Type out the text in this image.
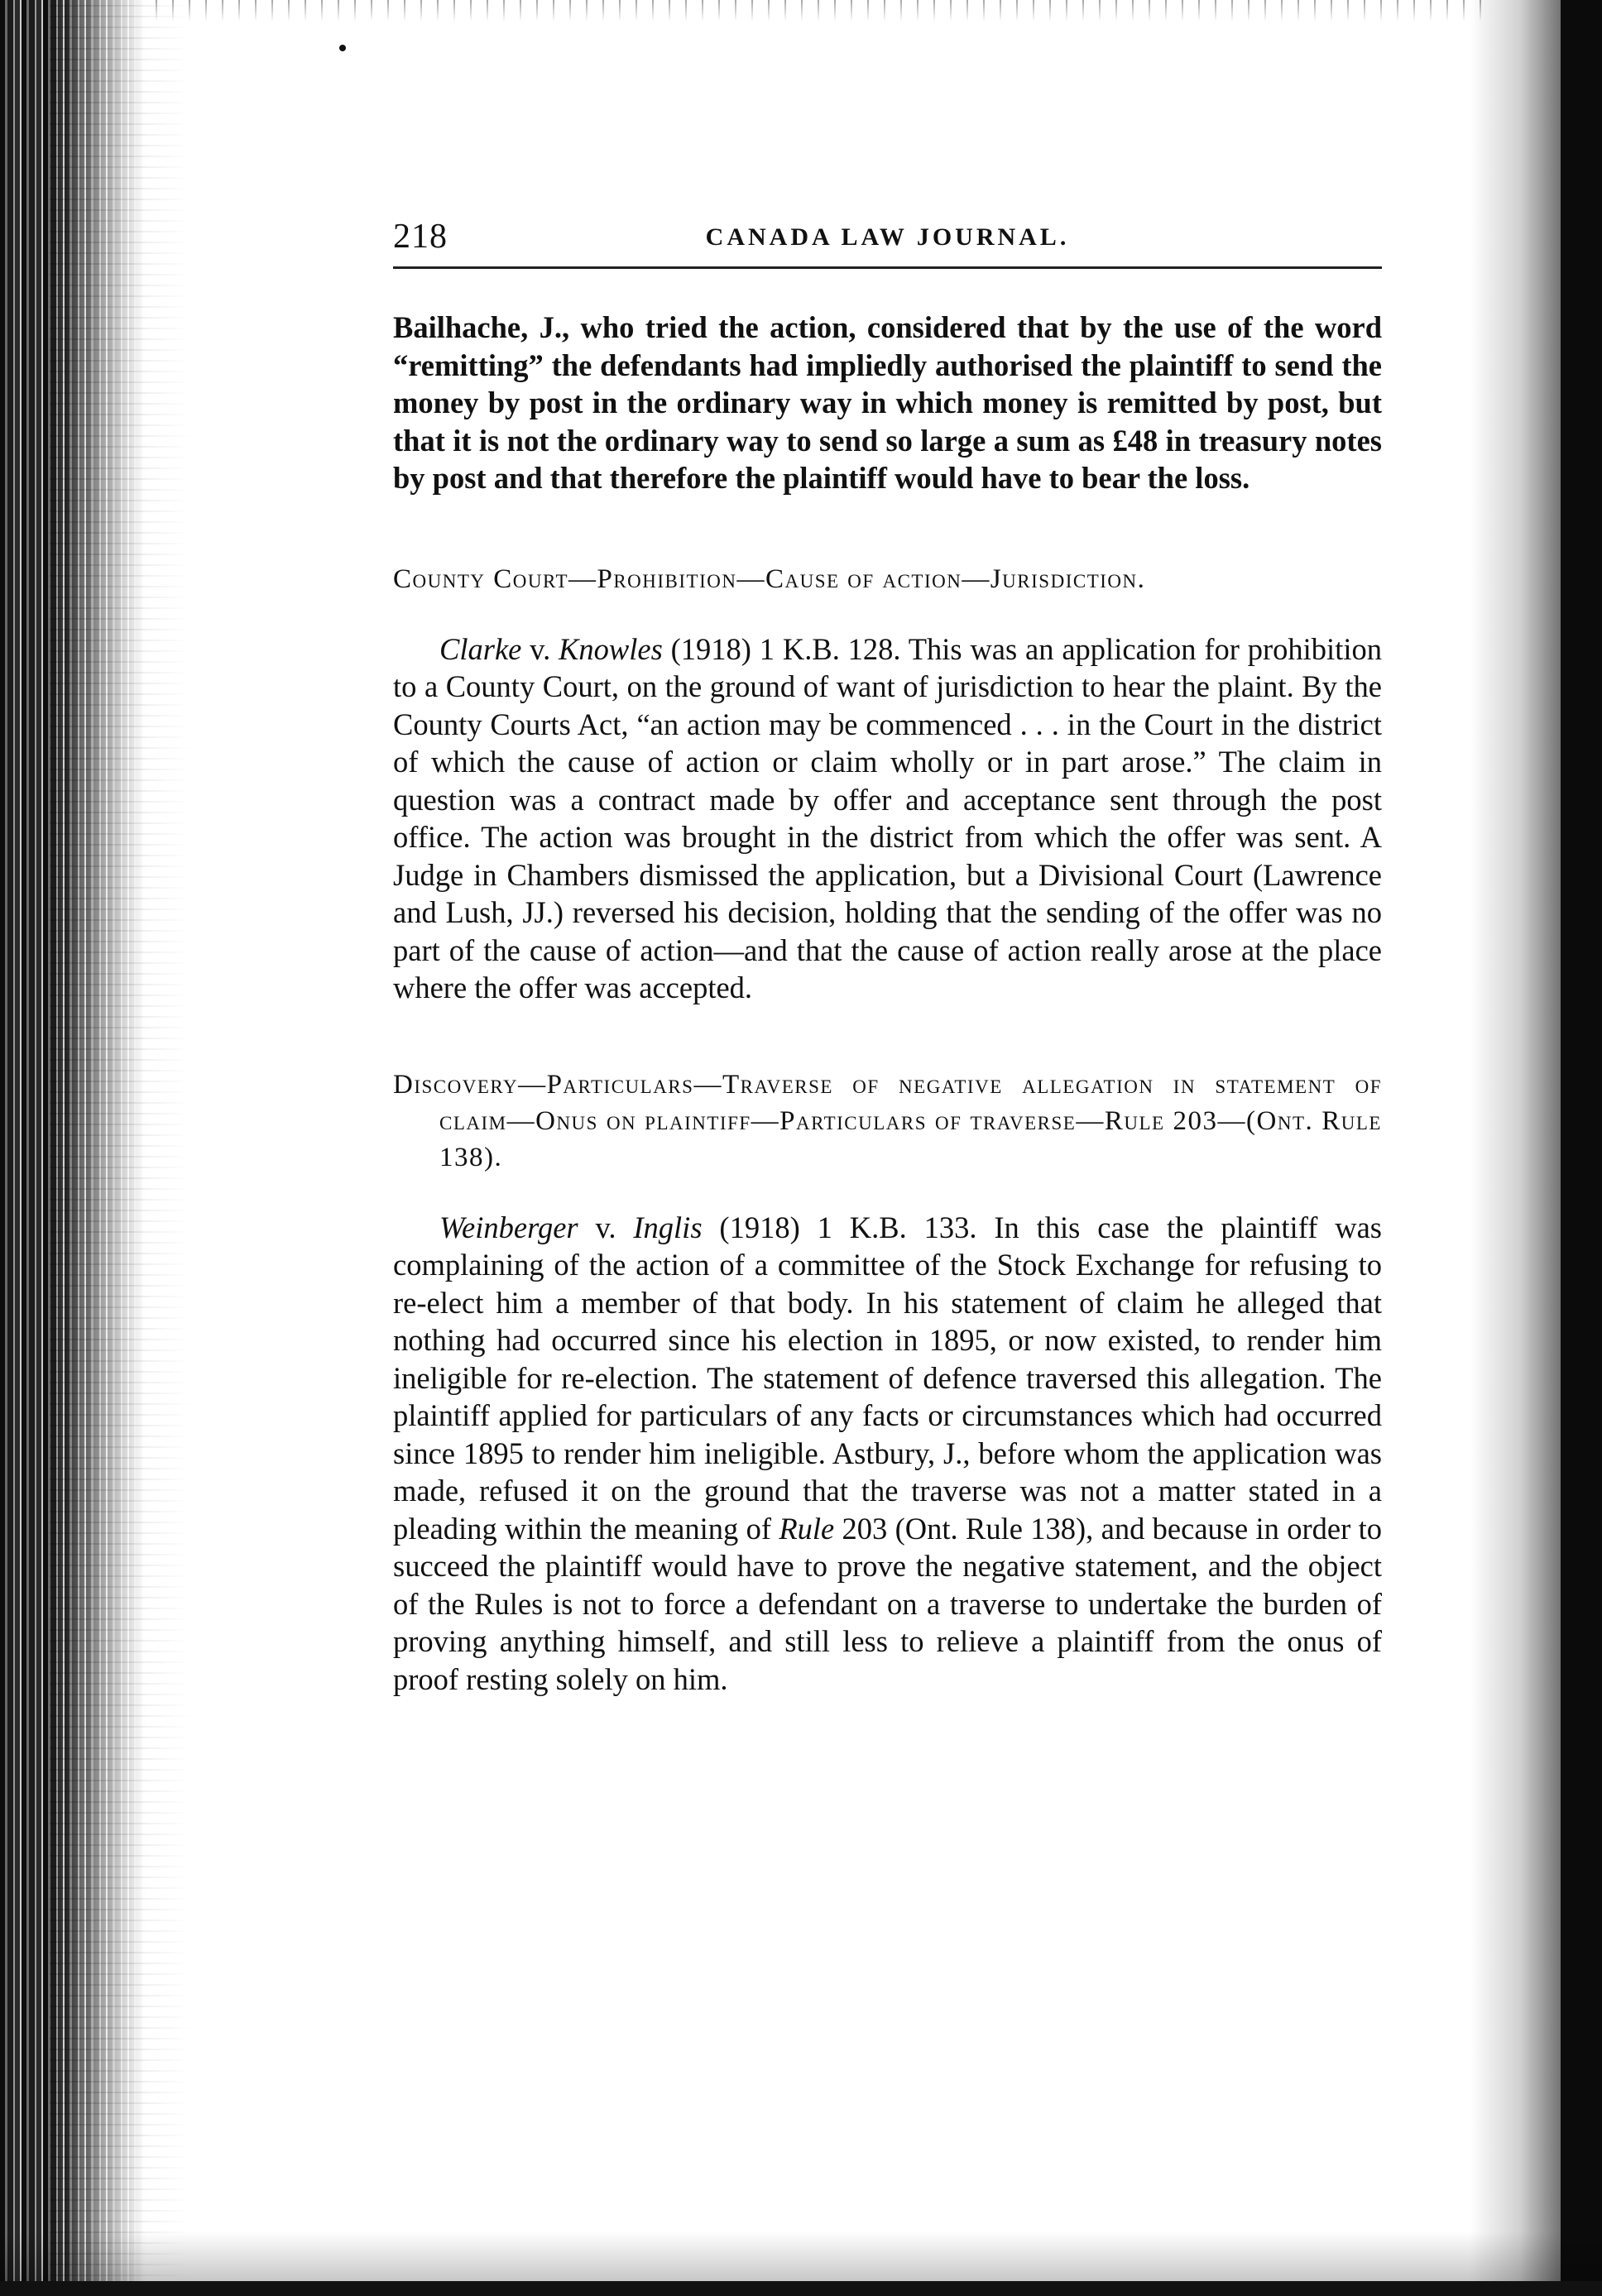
218	CANADA LAW JOURNAL.

Bailhache, J., who tried the action, considered that by the use of the word “remitting” the defendants had impliedly authorised the plaintiff to send the money by post in the ordinary way in which money is remitted by post, but that it is not the ordinary way to send so large a sum as £48 in treasury notes by post and that therefore the plaintiff would have to bear the loss.

County Court—Prohibition—Cause of action—Jurisdiction.

Clarke v. Knowles (1918) 1 K.B. 128. This was an application for prohibition to a County Court, on the ground of want of jurisdiction to hear the plaint. By the County Courts Act, “an action may be commenced . . . in the Court in the district of which the cause of action or claim wholly or in part arose.” The claim in question was a contract made by offer and acceptance sent through the post office. The action was brought in the district from which the offer was sent. A Judge in Chambers dismissed the application, but a Divisional Court (Lawrence and Lush, JJ.) reversed his decision, holding that the sending of the offer was no part of the cause of action—and that the cause of action really arose at the place where the offer was accepted.

Discovery—Particulars—Traverse of negative allegation in statement of claim—Onus on plaintiff—Particulars of traverse—Rule 203—(Ont. Rule 138).

Weinberger v. Inglis (1918) 1 K.B. 133. In this case the plaintiff was complaining of the action of a committee of the Stock Exchange for refusing to re-elect him a member of that body. In his statement of claim he alleged that nothing had occurred since his election in 1895, or now existed, to render him ineligible for re-election. The statement of defence traversed this allegation. The plaintiff applied for particulars of any facts or circumstances which had occurred since 1895 to render him ineligible. Astbury, J., before whom the application was made, refused it on the ground that the traverse was not a matter stated in a pleading within the meaning of Rule 203 (Ont. Rule 138), and because in order to succeed the plaintiff would have to prove the negative statement, and the object of the Rules is not to force a defendant on a traverse to undertake the burden of proving anything himself, and still less to relieve a plaintiff from the onus of proof resting solely on him.
